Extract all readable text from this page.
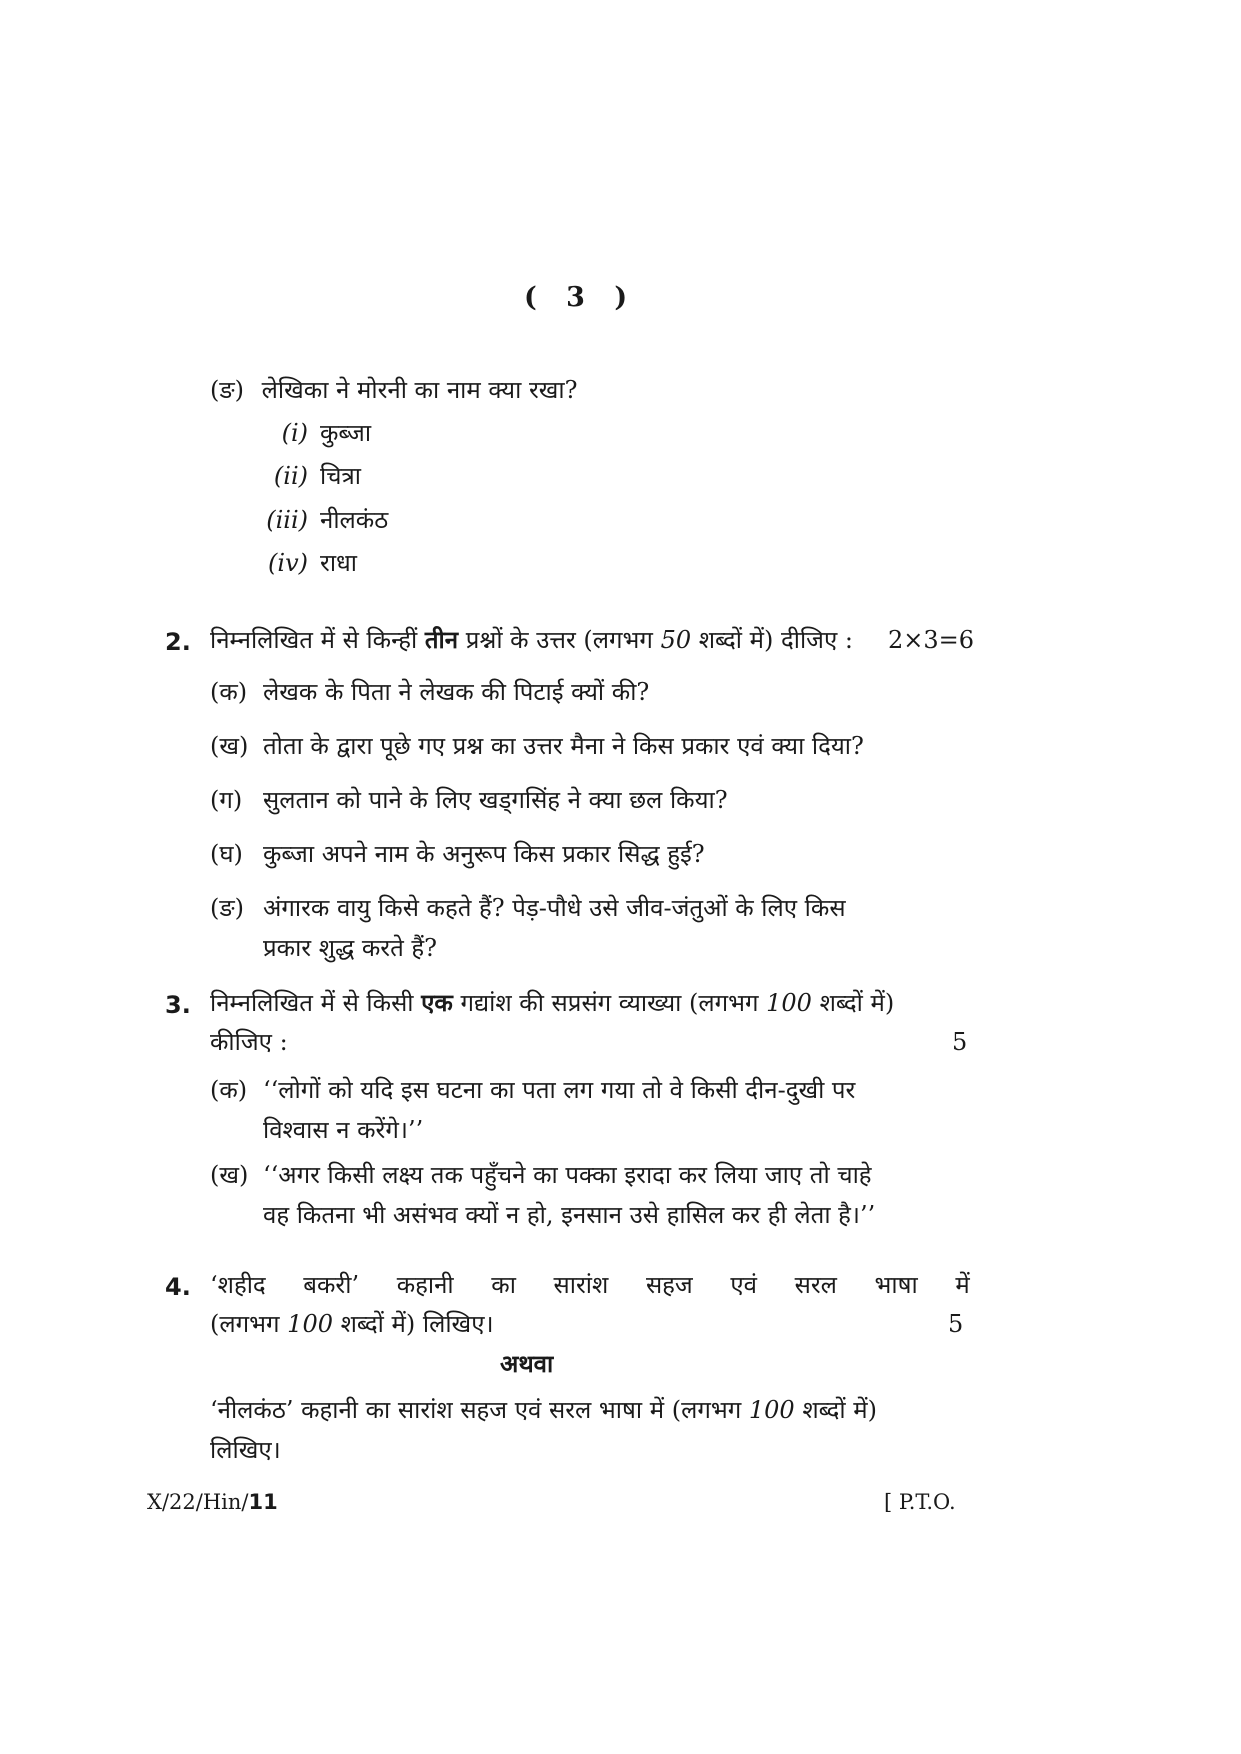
( 3 )
(ङ) लेखिका ने मोरनी का नाम क्या रखा?
(i) कुब्जा
(ii) चित्रा
(iii) नीलकंठ
(iv) राधा
2. निम्नलिखित में से किन्हीं तीन प्रश्नों के उत्तर (लगभग 50 शब्दों में) दीजिए : 2×3=6
(क) लेखक के पिता ने लेखक की पिटाई क्यों की?
(ख) तोता के द्वारा पूछे गए प्रश्न का उत्तर मैना ने किस प्रकार एवं क्या दिया?
(ग) सुलतान को पाने के लिए खड्गसिंह ने क्या छल किया?
(घ) कुब्जा अपने नाम के अनुरूप किस प्रकार सिद्ध हुई?
(ङ) अंगारक वायु किसे कहते हैं? पेड़-पौधे उसे जीव-जंतुओं के लिए किस
प्रकार शुद्ध करते हैं?
3. निम्नलिखित में से किसी एक गद्यांश की सप्रसंग व्याख्या (लगभग 100 शब्दों में)
कीजिए :	5
(क) ‘‘लोगों को यदि इस घटना का पता लग गया तो वे किसी दीन-दुखी पर
विश्वास न करेंगे।’’
(ख) ‘‘अगर किसी लक्ष्य तक पहुँचने का पक्का इरादा कर लिया जाए तो चाहे
वह कितना भी असंभव क्यों न हो, इनसान उसे हासिल कर ही लेता है।’’
4. ‘शहीद बकरी’ कहानी का सारांश सहज एवं सरल भाषा में
(लगभग 100 शब्दों में) लिखिए।	5
अथवा
‘नीलकंठ’ कहानी का सारांश सहज एवं सरल भाषा में (लगभग 100 शब्दों में)
लिखिए।
X/22/Hin/11	[ P.T.O.
